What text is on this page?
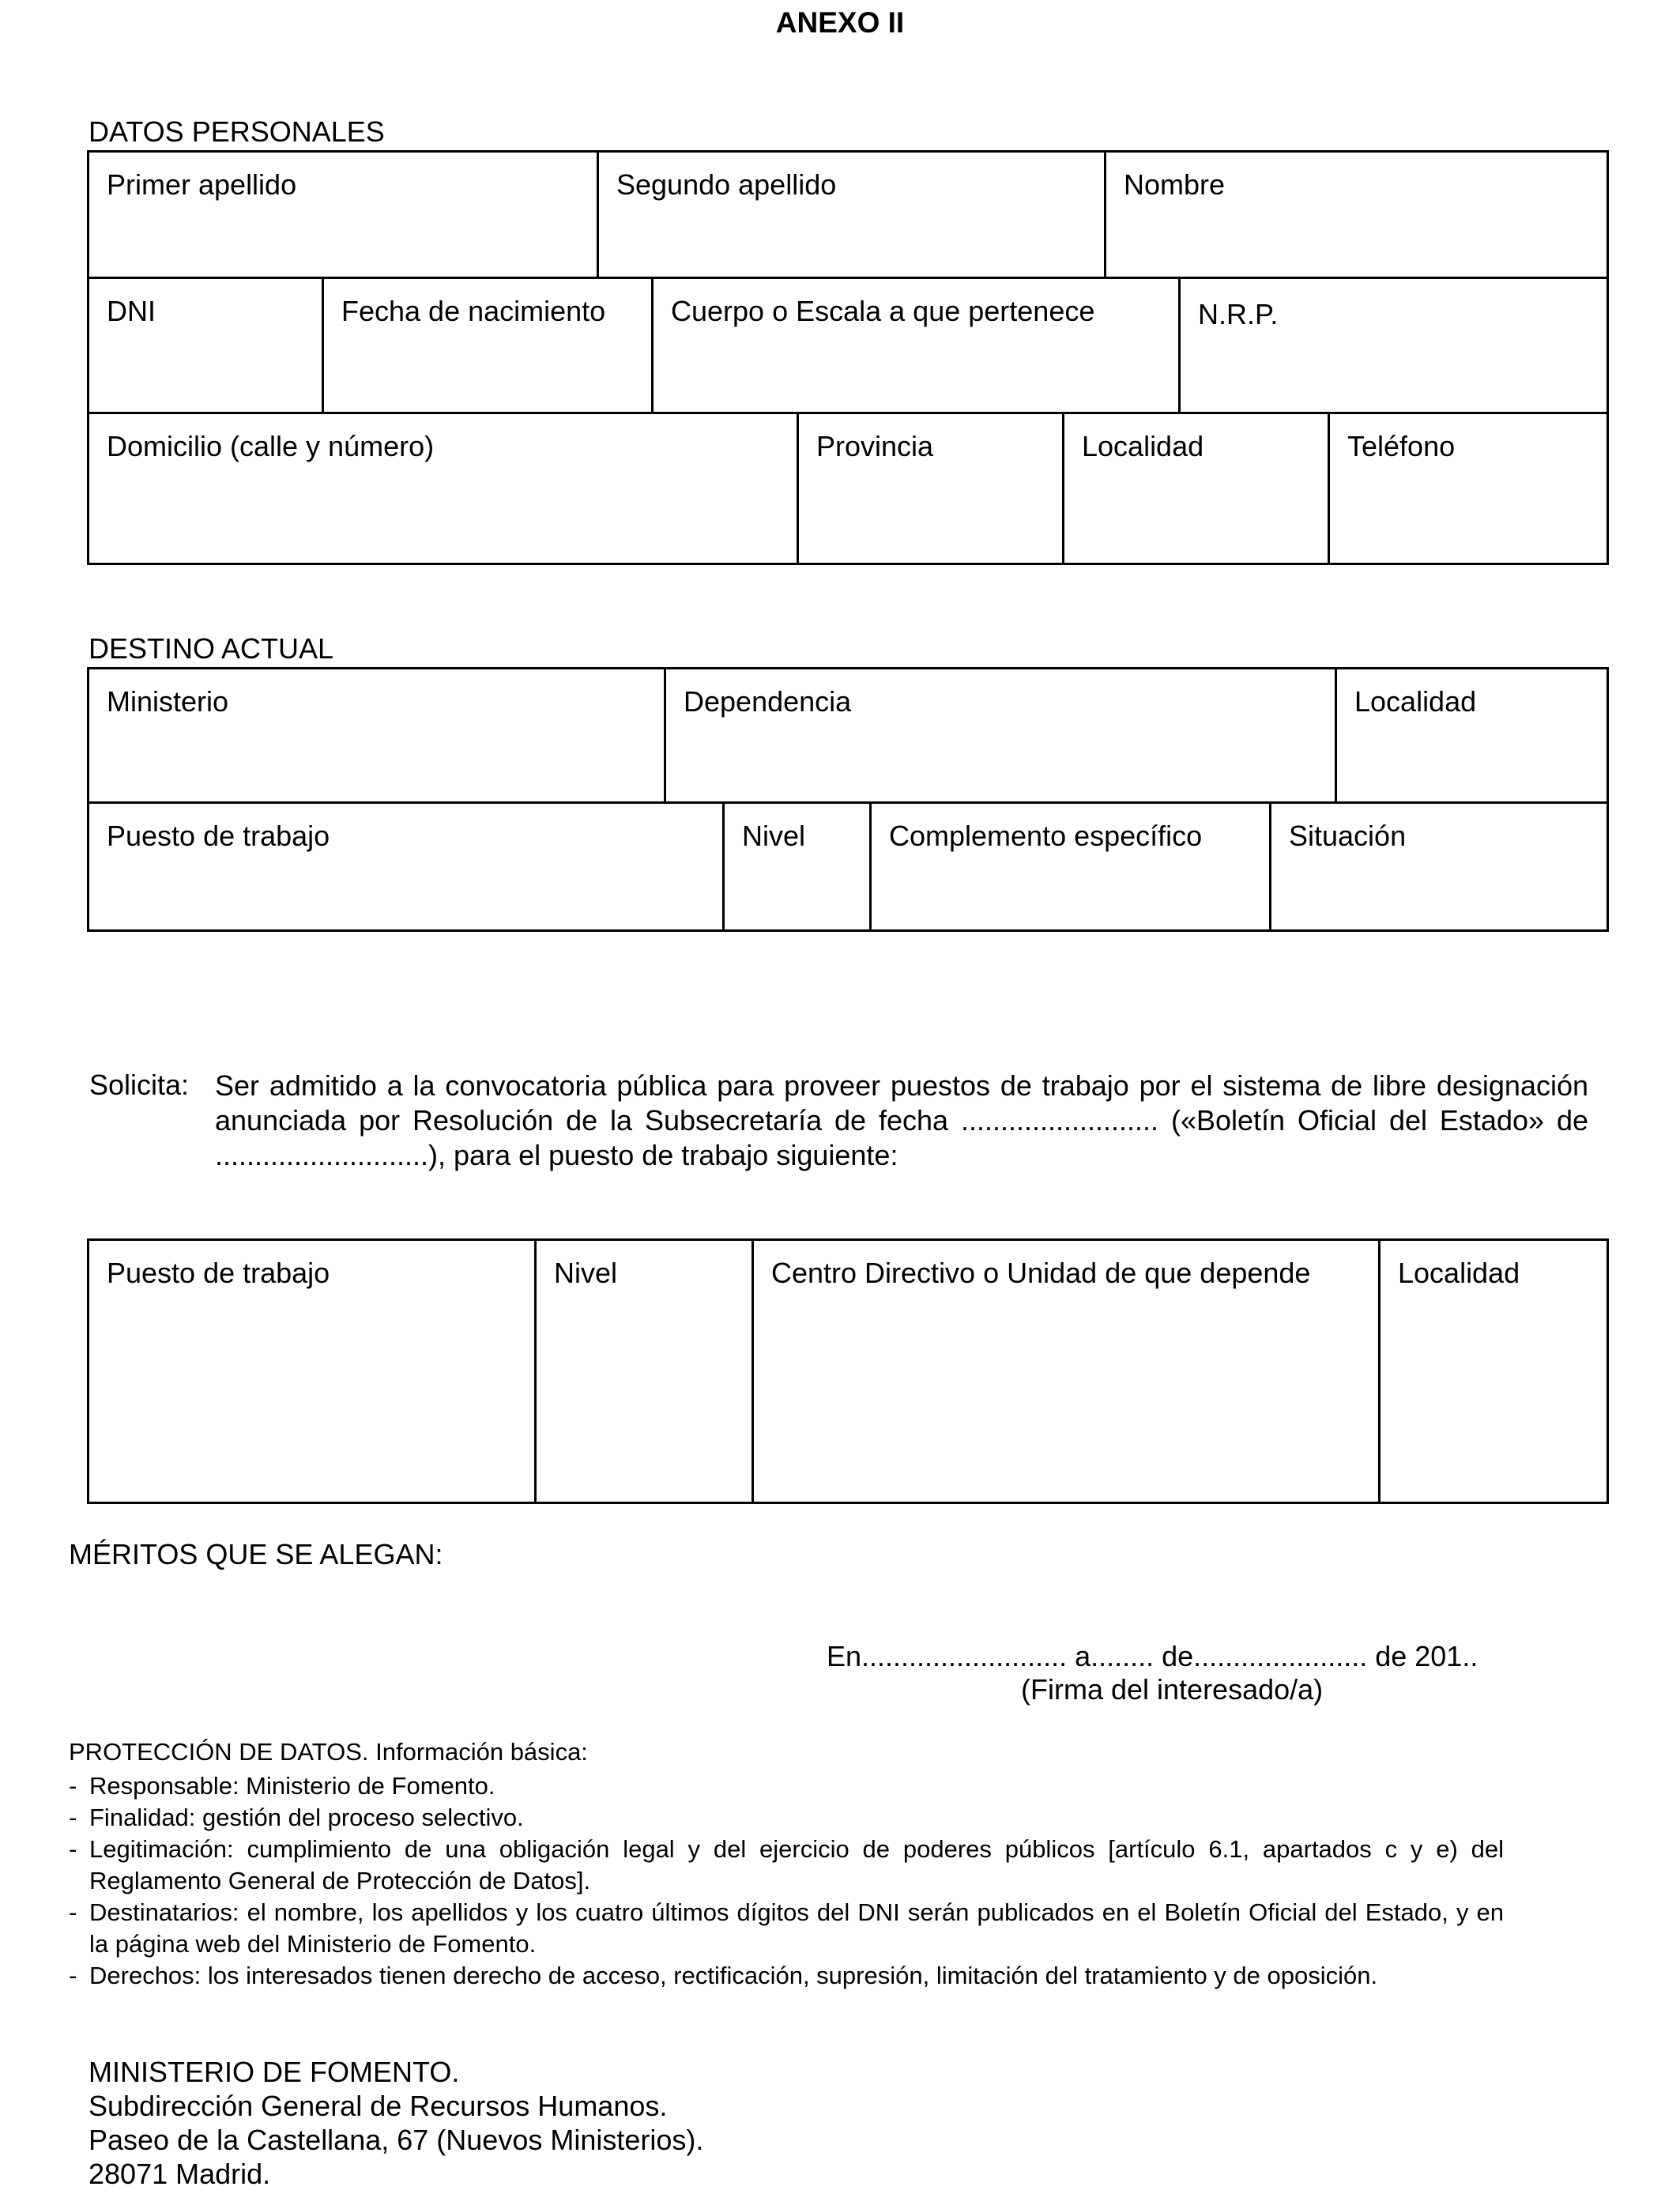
ANEXO II
DATOS PERSONALES
Primer apellido	Segundo apellido	Nombre
DNI	Fecha de nacimiento	Cuerpo o Escala a que pertenece	N.R.P.
Domicilio (calle y número)	Provincia	Localidad	Teléfono
DESTINO ACTUAL
Ministerio	Dependencia	Localidad
Puesto de trabajo	Nivel	Complemento específico	Situación
Solicita: Ser admitido a la convocatoria pública para proveer puestos de trabajo por el sistema de libre designación anunciada por Resolución de la Subsecretaría de fecha ......................... («Boletín Oficial del Estado» de ...........................), para el puesto de trabajo siguiente:
Puesto de trabajo	Nivel	Centro Directivo o Unidad de que depende	Localidad
MÉRITOS QUE SE ALEGAN:
En.......................... a........ de...................... de 201..
(Firma del interesado/a)
PROTECCIÓN DE DATOS. Información básica:
- Responsable: Ministerio de Fomento.
- Finalidad: gestión del proceso selectivo.
- Legitimación: cumplimiento de una obligación legal y del ejercicio de poderes públicos [artículo 6.1, apartados c y e) del Reglamento General de Protección de Datos].
- Destinatarios: el nombre, los apellidos y los cuatro últimos dígitos del DNI serán publicados en el Boletín Oficial del Estado, y en la página web del Ministerio de Fomento.
- Derechos: los interesados tienen derecho de acceso, rectificación, supresión, limitación del tratamiento y de oposición.
MINISTERIO DE FOMENTO.
Subdirección General de Recursos Humanos.
Paseo de la Castellana, 67 (Nuevos Ministerios).
28071 Madrid.
